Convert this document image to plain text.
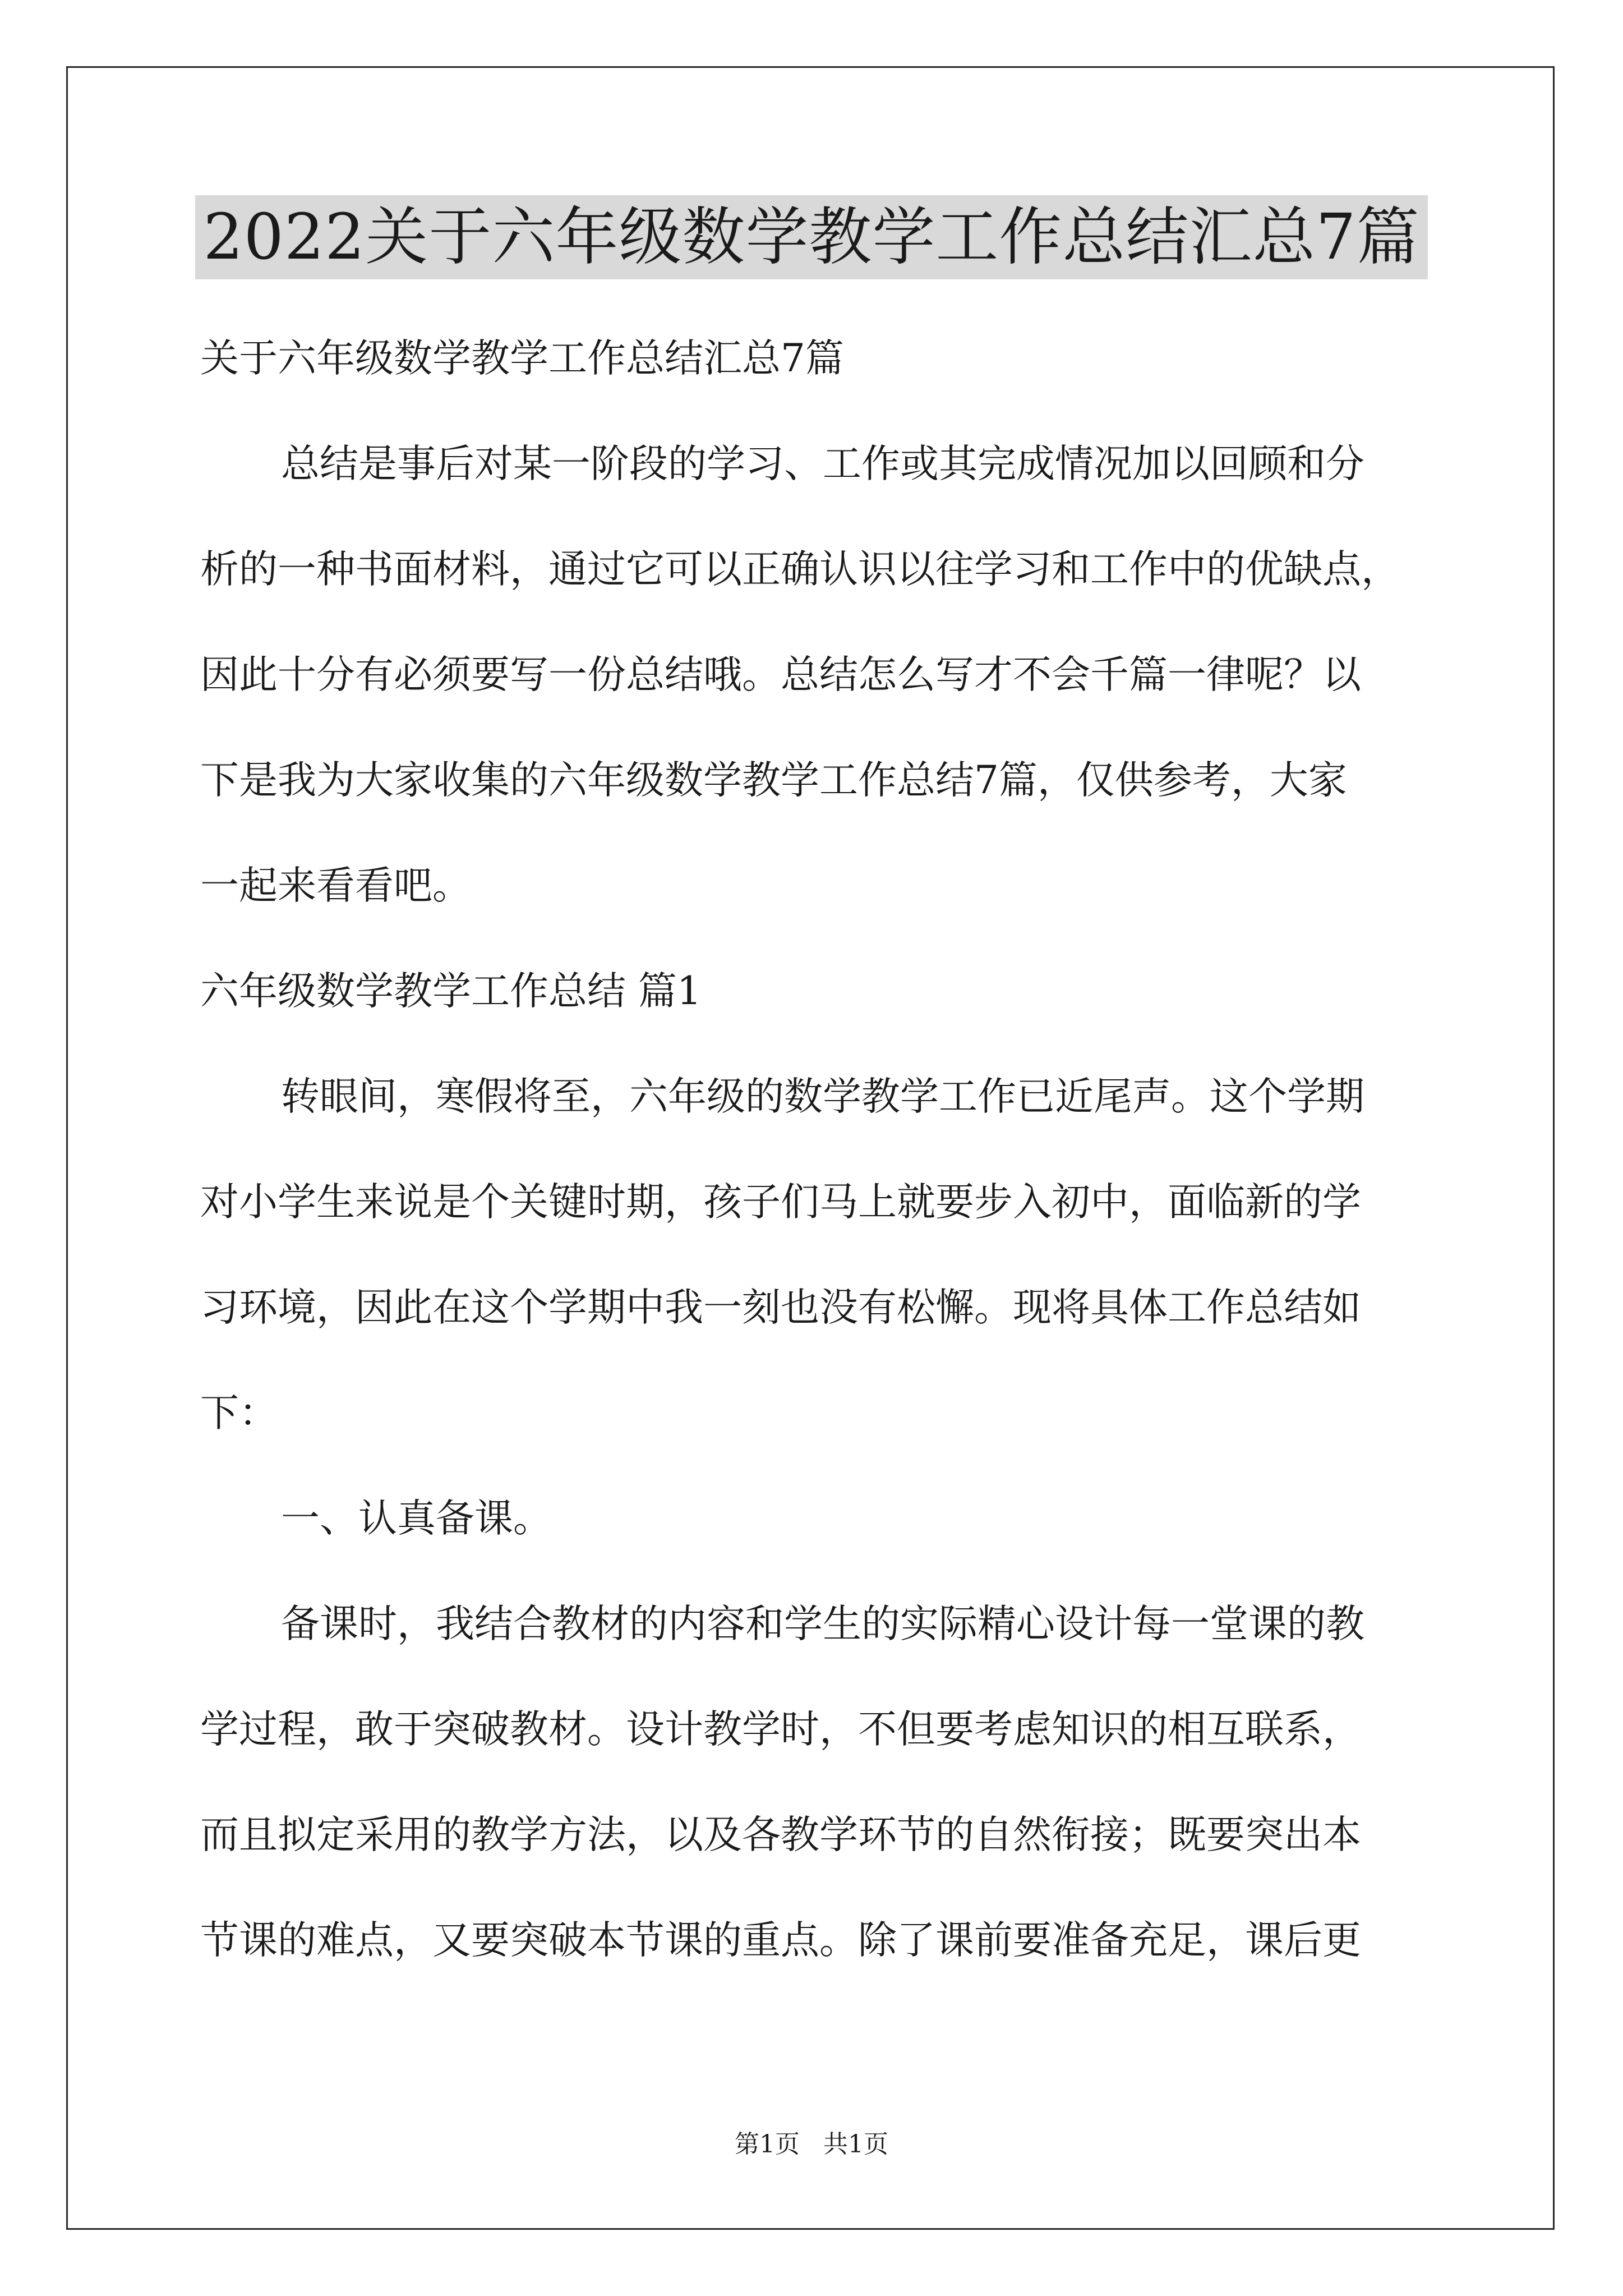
2022关于六年级数学教学工作总结汇总7篇
关于六年级数学教学工作总结汇总7篇
总结是事后对某一阶段的学习、工作或其完成情况加以回顾和分
析的一种书面材料，通过它可以正确认识以往学习和工作中的优缺点，
因此十分有必须要写一份总结哦。总结怎么写才不会千篇一律呢？以
下是我为大家收集的六年级数学教学工作总结7篇，仅供参考，大家
一起来看看吧。
六年级数学教学工作总结 篇1
转眼间，寒假将至，六年级的数学教学工作已近尾声。这个学期
对小学生来说是个关键时期，孩子们马上就要步入初中，面临新的学
习环境，因此在这个学期中我一刻也没有松懈。现将具体工作总结如
下：
一、认真备课。
备课时，我结合教材的内容和学生的实际精心设计每一堂课的教
学过程，敢于突破教材。设计教学时，不但要考虑知识的相互联系，
而且拟定采用的教学方法，以及各教学环节的自然衔接；既要突出本
节课的难点，又要突破本节课的重点。除了课前要准备充足，课后更
第1页   共1页
